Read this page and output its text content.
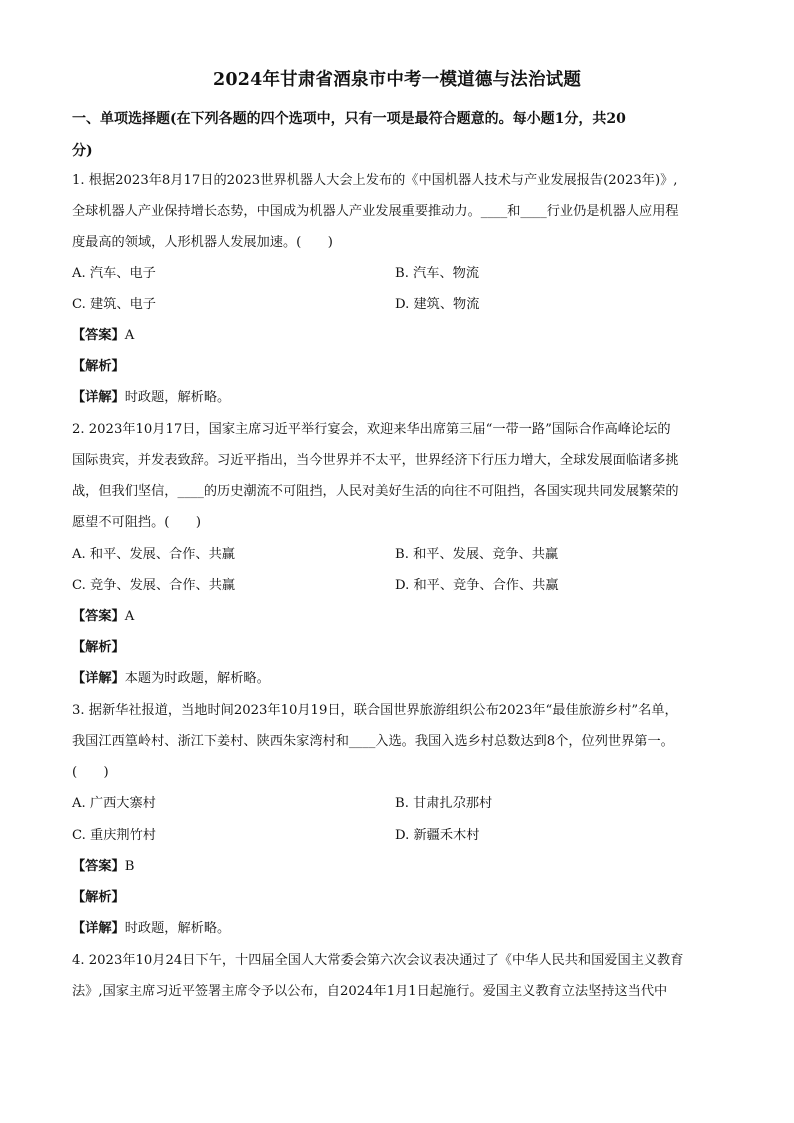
2024年甘肃省酒泉市中考一模道德与法治试题
一、单项选择题(在下列各题的四个选项中，只有一项是最符合题意的。每小题1分，共20
分)
1. 根据2023年8月17日的2023世界机器人大会上发布的《中国机器人技术与产业发展报告(2023年)》,
全球机器人产业保持增长态势，中国成为机器人产业发展重要推动力。____和____行业仍是机器人应用程
度最高的领域，人形机器人发展加速。(　　)
A. 汽车、电子	B. 汽车、物流
C. 建筑、电子	D. 建筑、物流
【答案】A
【解析】
【详解】时政题，解析略。
2. 2023年10月17日，国家主席习近平举行宴会，欢迎来华出席第三届“一带一路”国际合作高峰论坛的
国际贵宾，并发表致辞。习近平指出，当今世界并不太平，世界经济下行压力增大，全球发展面临诸多挑
战，但我们坚信，____的历史潮流不可阻挡，人民对美好生活的向往不可阻挡，各国实现共同发展繁荣的
愿望不可阻挡。(　　)
A. 和平、发展、合作、共赢	B. 和平、发展、竞争、共赢
C. 竞争、发展、合作、共赢	D. 和平、竞争、合作、共赢
【答案】A
【解析】
【详解】本题为时政题，解析略。
3. 据新华社报道，当地时间2023年10月19日，联合国世界旅游组织公布2023年“最佳旅游乡村”名单，
我国江西篁岭村、浙江下姜村、陕西朱家湾村和____入选。我国入选乡村总数达到8个，位列世界第一。
(　　)
A. 广西大寨村	B. 甘肃扎尕那村
C. 重庆荆竹村	D. 新疆禾木村
【答案】B
【解析】
【详解】时政题，解析略。
4. 2023年10月24日下午，十四届全国人大常委会第六次会议表决通过了《中华人民共和国爱国主义教育
法》,国家主席习近平签署主席令予以公布，自2024年1月1日起施行。爱国主义教育立法坚持这当代中
